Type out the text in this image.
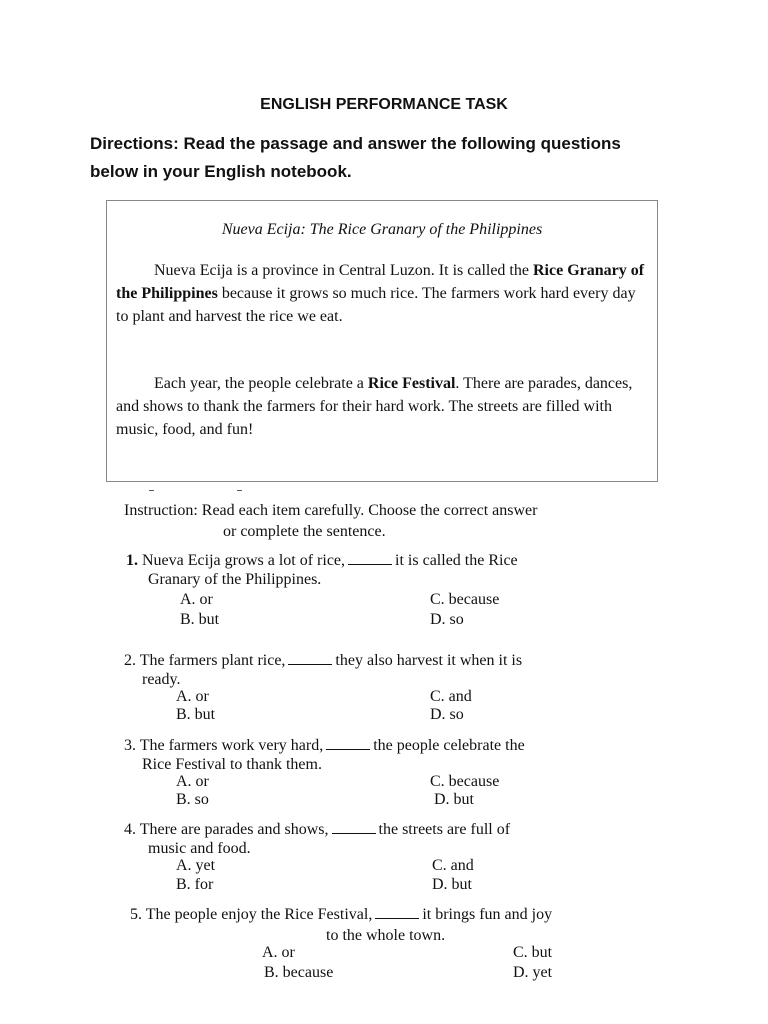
ENGLISH PERFORMANCE TASK
Directions: Read the passage and answer the following questions below in your English notebook.
Nueva Ecija: The Rice Granary of the Philippines
Nueva Ecija is a province in Central Luzon. It is called the Rice Granary of the Philippines because it grows so much rice. The farmers work hard every day to plant and harvest the rice we eat.
Each year, the people celebrate a Rice Festival. There are parades, dances, and shows to thank the farmers for their hard work. The streets are filled with music, food, and fun!
Instruction: Read each item carefully. Choose the correct answer
or complete the sentence.
1. Nueva Ecija grows a lot of rice,	it is called the Rice
Granary of the Philippines.
A. or
B. but
C. because
D. so
2. The farmers plant rice,	they also harvest it when it is
ready.
A. or
B. but
C. and
D. so
3. The farmers work very hard,	the people celebrate the
Rice Festival to thank them.
A. or
B. so
C. because
D. but
4. There are parades and shows,	the streets are full of
music and food.
A. yet
B. for
C. and
D. but
5. The people enjoy the Rice Festival,	it brings fun and joy
to the whole town.
A. or
B. because
C. but
D. yet
